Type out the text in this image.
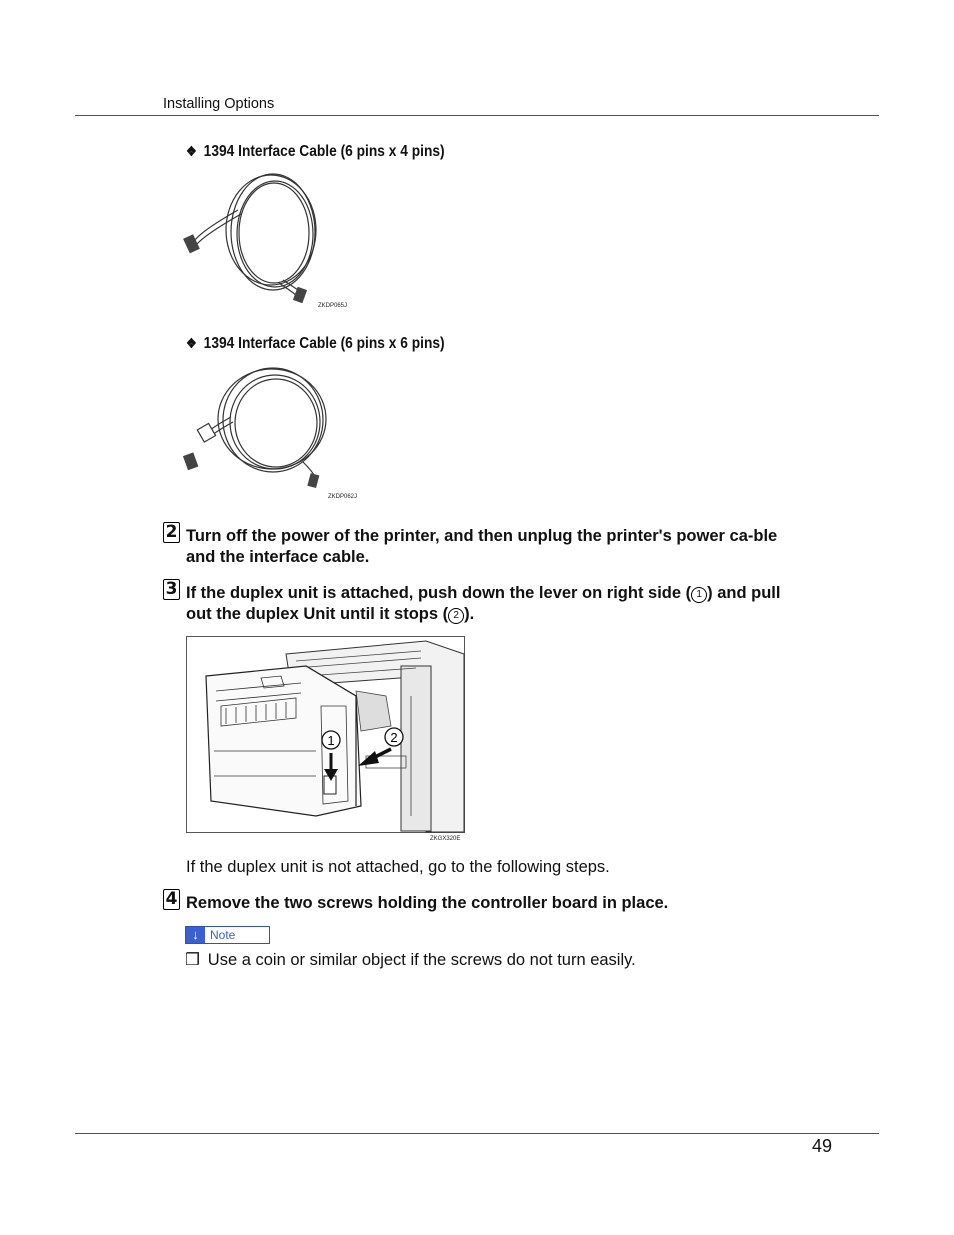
Installing Options
❖ 1394 Interface Cable (6 pins x 4 pins)
ZKDP065J
❖ 1394 Interface Cable (6 pins x 6 pins)
ZKDP062J
2 Turn off the power of the printer, and then unplug the printer's power ca-ble and the interface cable.
3 If the duplex unit is attached, push down the lever on right side ( 1 ) and pull out the duplex Unit until it stops ( 2 ).
1	2
ZKGX320E
If the duplex unit is not attached, go to the following steps.
4 Remove the two screws holding the controller board in place.
↓ Note
❒ Use a coin or similar object if the screws do not turn easily.
49
